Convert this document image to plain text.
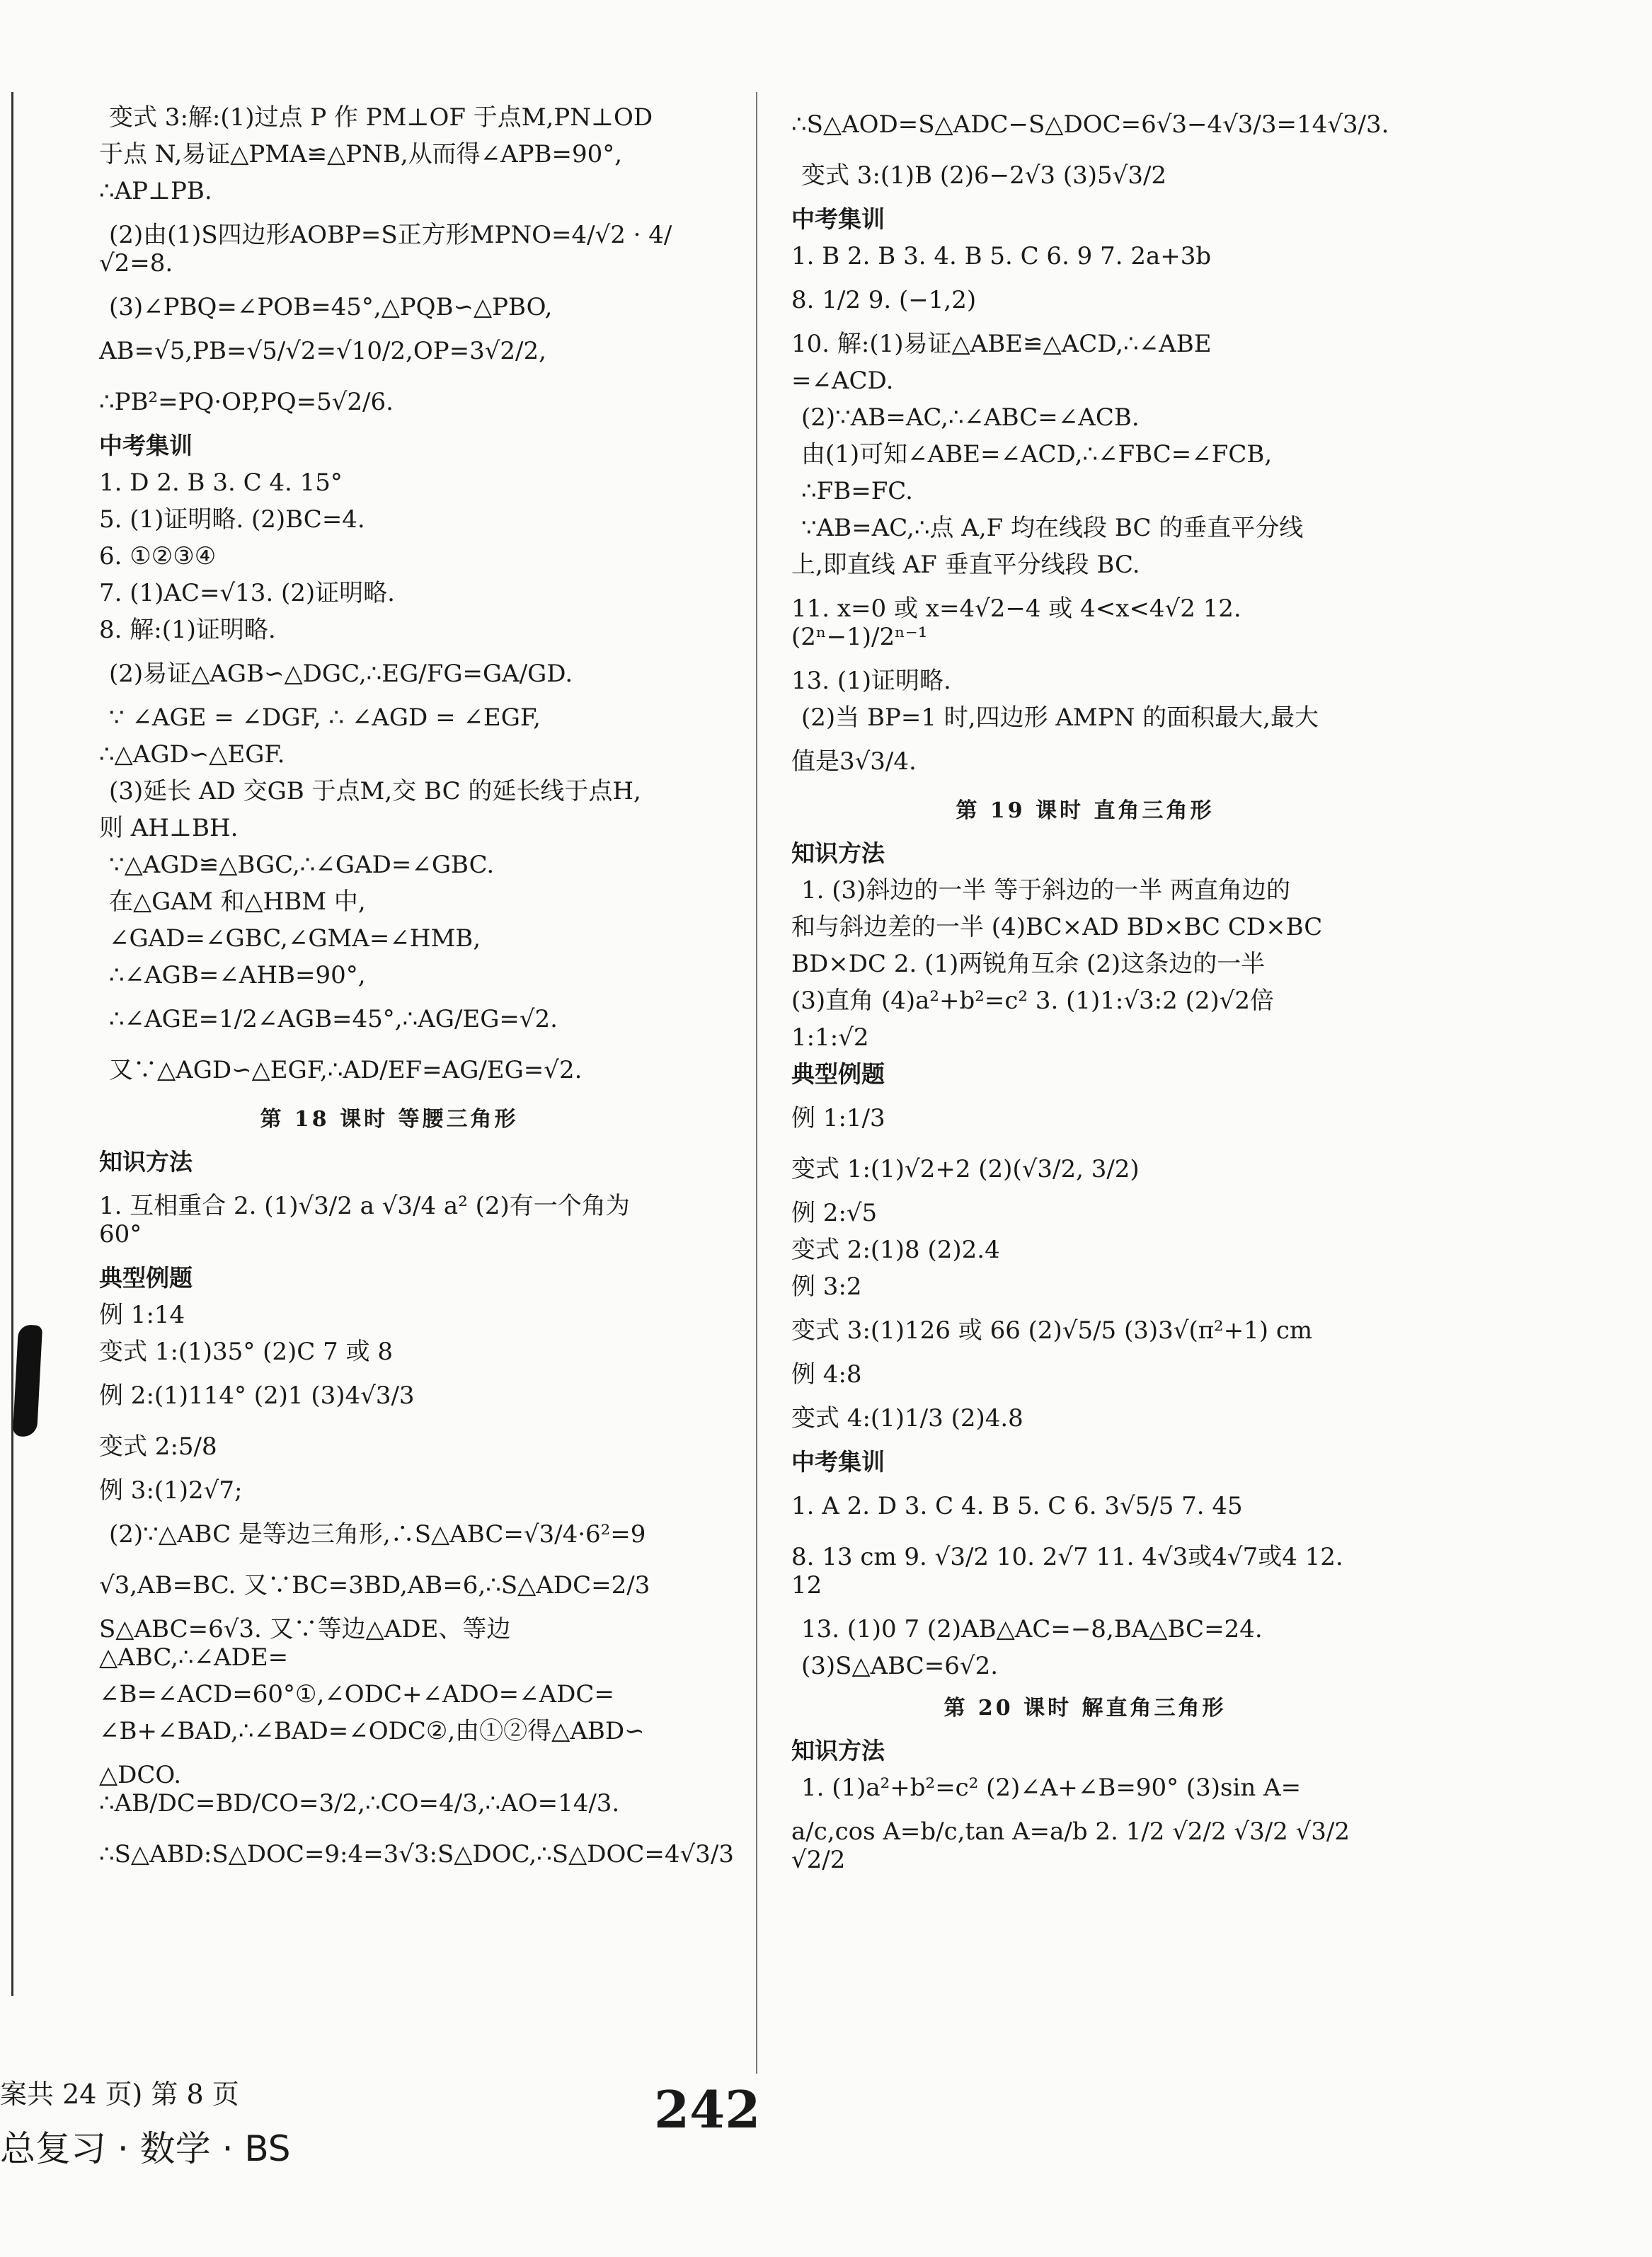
变式 3:解:(1)过点 P 作 PM⊥OF 于点M,PN⊥OD

于点 N,易证△PMA≌△PNB,从而得∠APB=90°,

∴AP⊥PB.

(2)由(1)S四边形AOBP=S正方形MPNO=4/√2 · 4/√2=8.

(3)∠PBQ=∠POB=45°,△PQB∽△PBO,

AB=√5,PB=√5/√2=√10/2,OP=3√2/2,

∴PB²=PQ·OP,PQ=5√2/6.

中考集训

1. D 2. B 3. C 4. 15°

5. (1)证明略. (2)BC=4.

6. ①②③④

7. (1)AC=√13. (2)证明略.

8. 解:(1)证明略.

(2)易证△AGB∽△DGC,∴EG/FG=GA/GD.

∵ ∠AGE = ∠DGF, ∴ ∠AGD = ∠EGF,

∴△AGD∽△EGF.

(3)延长 AD 交GB 于点M,交 BC 的延长线于点H,

则 AH⊥BH.

∵△AGD≌△BGC,∴∠GAD=∠GBC.

在△GAM 和△HBM 中,

∠GAD=∠GBC,∠GMA=∠HMB,

∴∠AGB=∠AHB=90°,

∴∠AGE=1/2∠AGB=45°,∴AG/EG=√2.

又∵△AGD∽△EGF,∴AD/EF=AG/EG=√2.

第 18 课时 等腰三角形

知识方法

1. 互相重合 2. (1)√3/2 a √3/4 a² (2)有一个角为 60°

典型例题

例 1:14

变式 1:(1)35° (2)C 7 或 8

例 2:(1)114° (2)1 (3)4√3/3

变式 2:5/8

例 3:(1)2√7;

(2)∵△ABC 是等边三角形,∴S△ABC=√3/4·6²=9

√3,AB=BC. 又∵BC=3BD,AB=6,∴S△ADC=2/3

S△ABC=6√3. 又∵等边△ADE、等边△ABC,∴∠ADE=

∠B=∠ACD=60°①,∠ODC+∠ADO=∠ADC=

∠B+∠BAD,∴∠BAD=∠ODC②,由①②得△ABD∽

△DCO. ∴AB/DC=BD/CO=3/2,∴CO=4/3,∴AO=14/3.

∴S△ABD:S△DOC=9:4=3√3:S△DOC,∴S△DOC=4√3/3

∴S△AOD=S△ADC−S△DOC=6√3−4√3/3=14√3/3.

变式 3:(1)B (2)6−2√3 (3)5√3/2

中考集训

1. B 2. B 3. 4. B 5. C 6. 9 7. 2a+3b

8. 1/2 9. (−1,2)

10. 解:(1)易证△ABE≌△ACD,∴∠ABE

=∠ACD.

(2)∵AB=AC,∴∠ABC=∠ACB.

由(1)可知∠ABE=∠ACD,∴∠FBC=∠FCB,

∴FB=FC.

∵AB=AC,∴点 A,F 均在线段 BC 的垂直平分线

上,即直线 AF 垂直平分线段 BC.

11. x=0 或 x=4√2−4 或 4<x<4√2 12. (2ⁿ−1)/2ⁿ⁻¹

13. (1)证明略.

(2)当 BP=1 时,四边形 AMPN 的面积最大,最大

值是3√3/4.

第 19 课时 直角三角形

知识方法

1. (3)斜边的一半 等于斜边的一半 两直角边的

和与斜边差的一半 (4)BC×AD BD×BC CD×BC

BD×DC 2. (1)两锐角互余 (2)这条边的一半

(3)直角 (4)a²+b²=c² 3. (1)1:√3:2 (2)√2倍

1:1:√2

典型例题

例 1:1/3

变式 1:(1)√2+2 (2)(√3/2, 3/2)

例 2:√5

变式 2:(1)8 (2)2.4

例 3:2

变式 3:(1)126 或 66 (2)√5/5 (3)3√(π²+1) cm

例 4:8

变式 4:(1)1/3 (2)4.8

中考集训

1. A 2. D 3. C 4. B 5. C 6. 3√5/5 7. 45

8. 13 cm 9. √3/2 10. 2√7 11. 4√3或4√7或4 12. 12

13. (1)0 7 (2)AB△AC=−8,BA△BC=24.

(3)S△ABC=6√2.

第 20 课时 解直角三角形

知识方法

1. (1)a²+b²=c² (2)∠A+∠B=90° (3)sin A=

a/c,cos A=b/c,tan A=a/b 2. 1/2 √2/2 √3/2 √3/2 √2/2

案共 24 页) 第 8 页
总复习 · 数学 · BS
242
